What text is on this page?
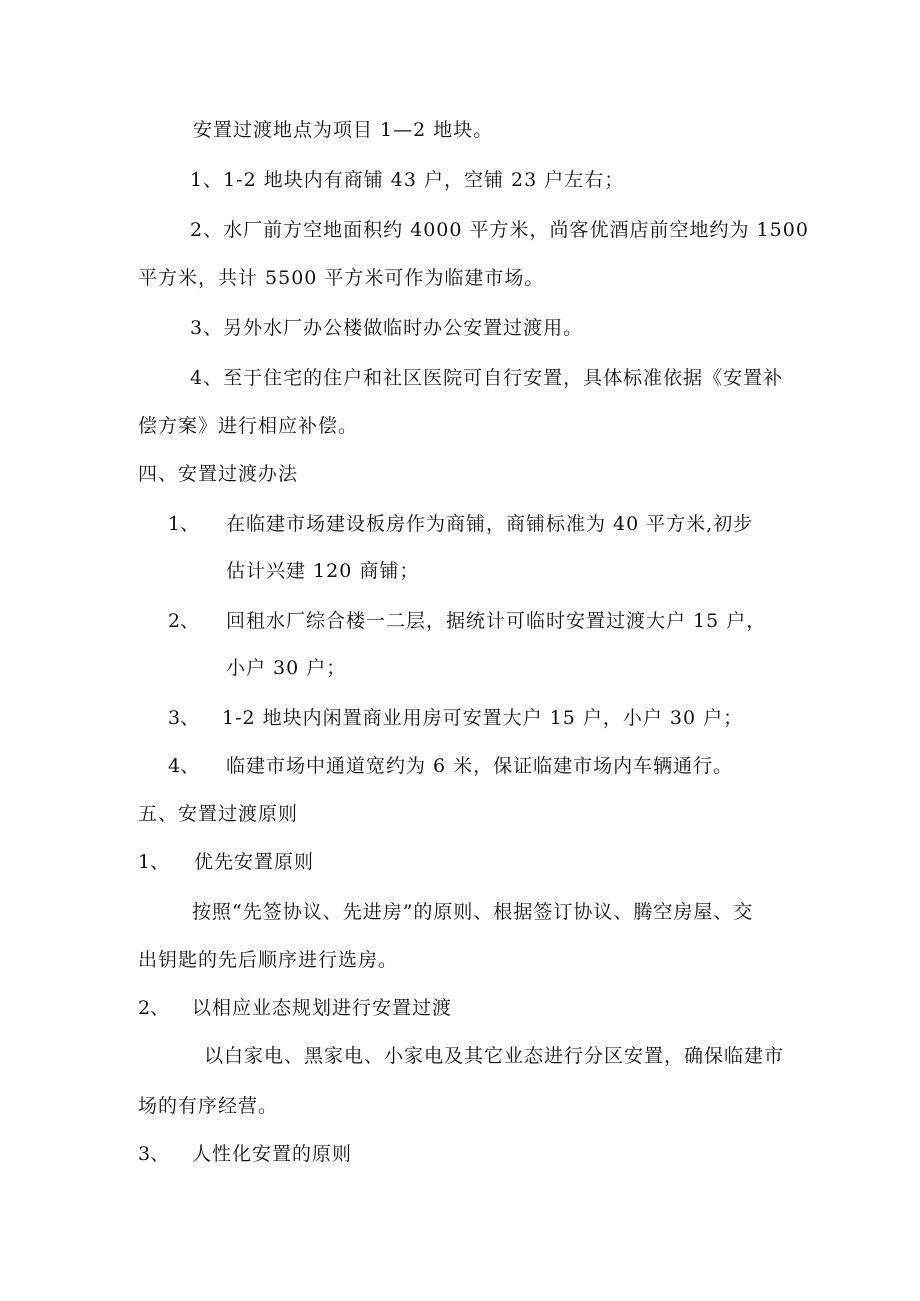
安置过渡地点为项目 1—2 地块。
1、1-2 地块内有商铺 43 户，空铺 23 户左右；
2、水厂前方空地面积约 4000 平方米，尚客优酒店前空地约为 1500
平方米，共计 5500 平方米可作为临建市场。
3、另外水厂办公楼做临时办公安置过渡用。
4、至于住宅的住户和社区医院可自行安置，具体标准依据《安置补
偿方案》进行相应补偿。
四、安置过渡办法
1、 在临建市场建设板房作为商铺，商铺标准为 40 平方米,初步
估计兴建 120 商铺；
2、 回租水厂综合楼一二层，据统计可临时安置过渡大户 15 户，
小户 30 户；
3、 1-2 地块内闲置商业用房可安置大户 15 户，小户 30 户；
4、 临建市场中通道宽约为 6 米，保证临建市场内车辆通行。
五、安置过渡原则
1、 优先安置原则
按照“先签协议、先进房”的原则、根据签订协议、腾空房屋、交
出钥匙的先后顺序进行选房。
2、 以相应业态规划进行安置过渡
以白家电、黑家电、小家电及其它业态进行分区安置，确保临建市
场的有序经营。
3、 人性化安置的原则
